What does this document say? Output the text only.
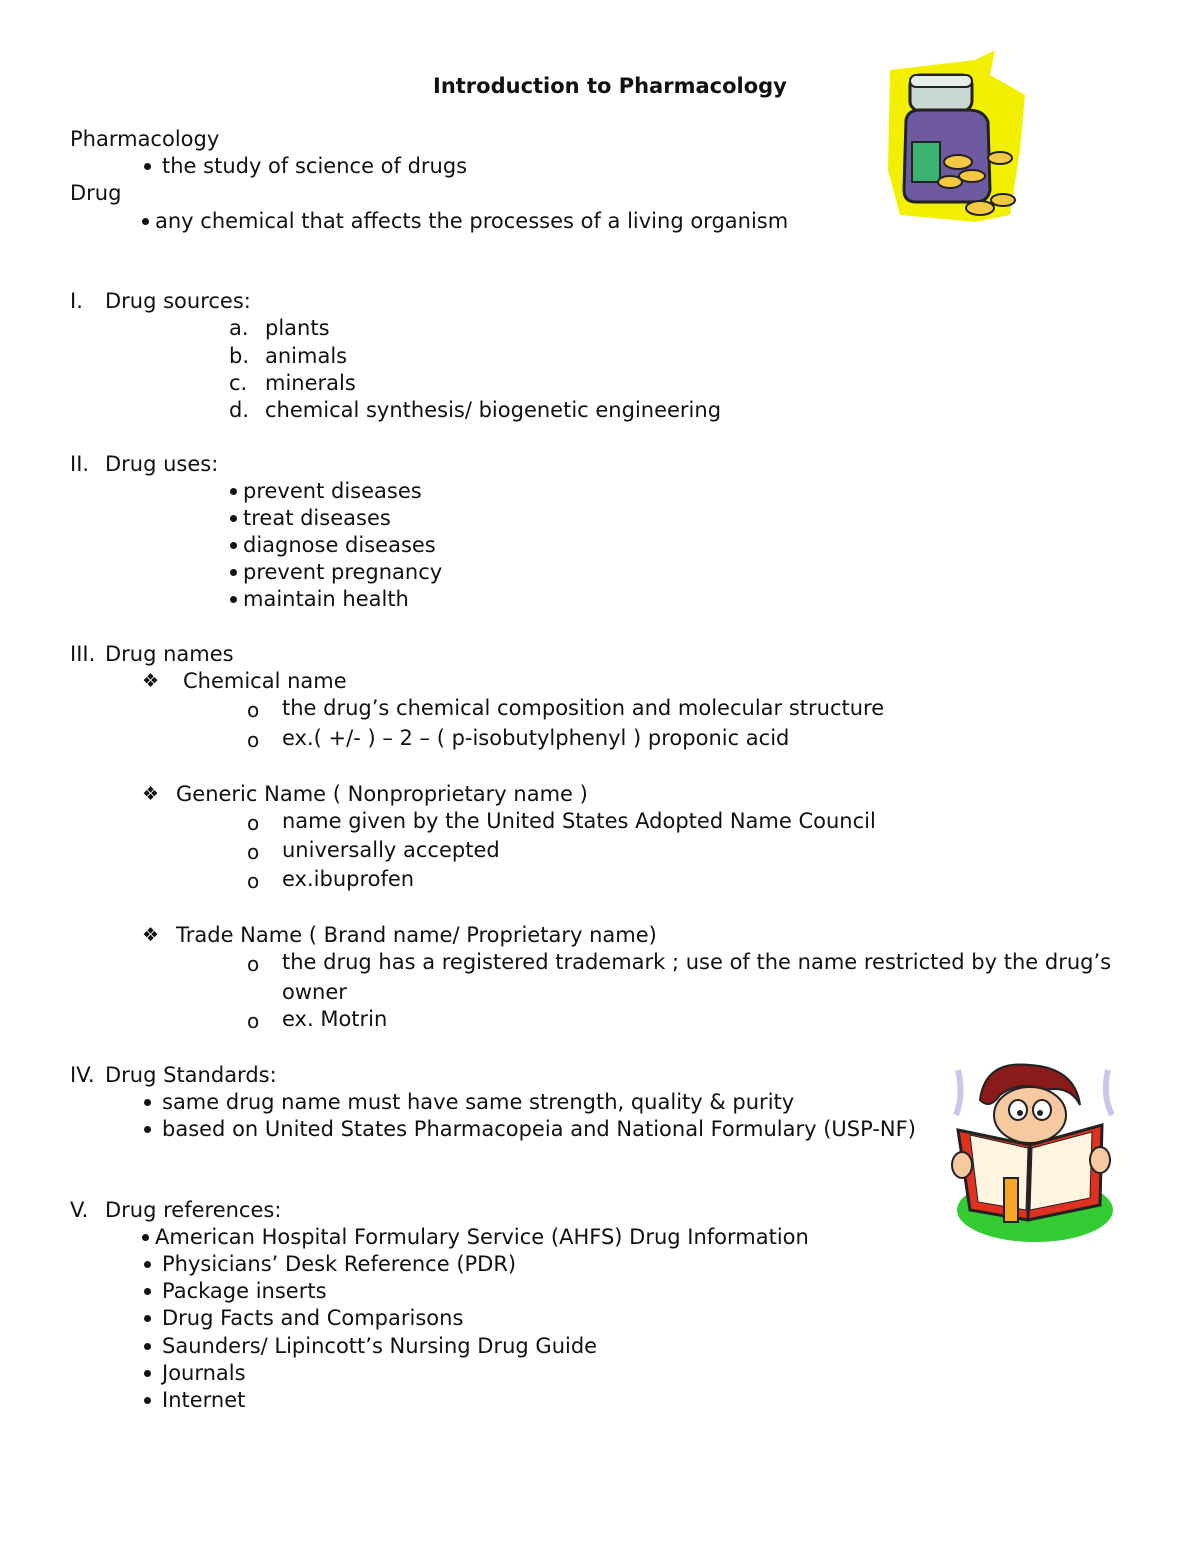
Introduction to Pharmacology
Pharmacology
the study of science of drugs
Drug
any chemical that affects the processes of a living organism
I. Drug sources:
a. plants
b. animals
c. minerals
d. chemical synthesis/ biogenetic engineering
II. Drug uses:
prevent diseases
treat diseases
diagnose diseases
prevent pregnancy
maintain health
III. Drug names
❖ Chemical name
o the drug’s chemical composition and molecular structure
o ex.( +/- ) – 2 – ( p-isobutylphenyl ) proponic acid
❖ Generic Name ( Nonproprietary name )
o name given by the United States Adopted Name Council
o universally accepted
o ex.ibuprofen
❖ Trade Name ( Brand name/ Proprietary name)
o the drug has a registered trademark ; use of the name restricted by the drug’s
owner
o ex. Motrin
IV. Drug Standards:
same drug name must have same strength, quality & purity
based on United States Pharmacopeia and National Formulary (USP-NF)
V. Drug references:
American Hospital Formulary Service (AHFS) Drug Information
Physicians’ Desk Reference (PDR)
Package inserts
Drug Facts and Comparisons
Saunders/ Lipincott’s Nursing Drug Guide
Journals
Internet
